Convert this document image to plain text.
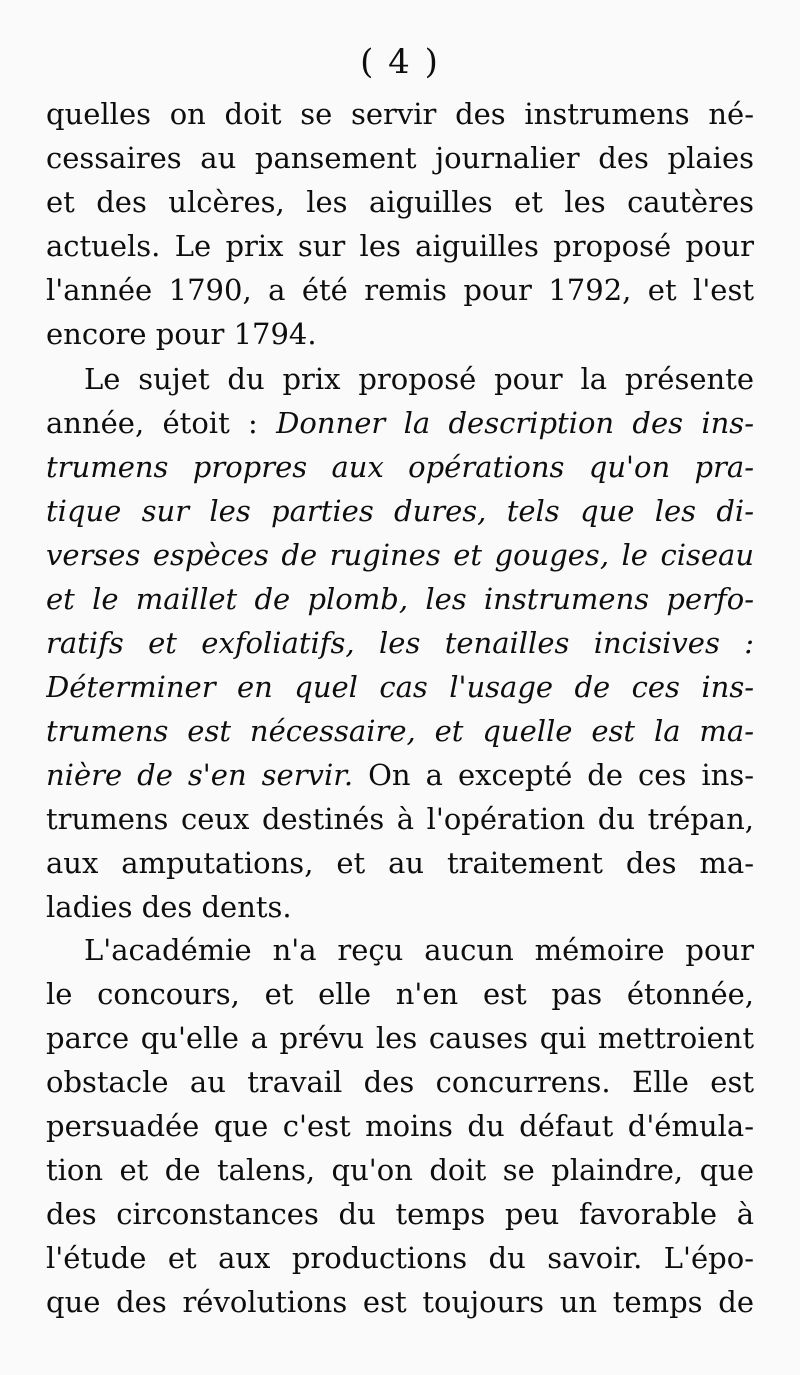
( 4 )
quelles on doit se servir des instrumens né-
cessaires au pansement journalier des plaies
et des ulcères, les aiguilles et les cautères
actuels. Le prix sur les aiguilles proposé pour
l'année 1790, a été remis pour 1792, et l'est
encore pour 1794.
Le sujet du prix proposé pour la présente
année, étoit : Donner la description des ins-
trumens propres aux opérations qu'on pra-
tique sur les parties dures, tels que les di-
verses espèces de rugines et gouges, le ciseau
et le maillet de plomb, les instrumens perfo-
ratifs et exfoliatifs, les tenailles incisives :
Déterminer en quel cas l'usage de ces ins-
trumens est nécessaire, et quelle est la ma-
nière de s'en servir. On a excepté de ces ins-
trumens ceux destinés à l'opération du trépan,
aux amputations, et au traitement des ma-
ladies des dents.
L'académie n'a reçu aucun mémoire pour
le concours, et elle n'en est pas étonnée,
parce qu'elle a prévu les causes qui mettroient
obstacle au travail des concurrens. Elle est
persuadée que c'est moins du défaut d'émula-
tion et de talens, qu'on doit se plaindre, que
des circonstances du temps peu favorable à
l'étude et aux productions du savoir. L'épo-
que des révolutions est toujours un temps de
